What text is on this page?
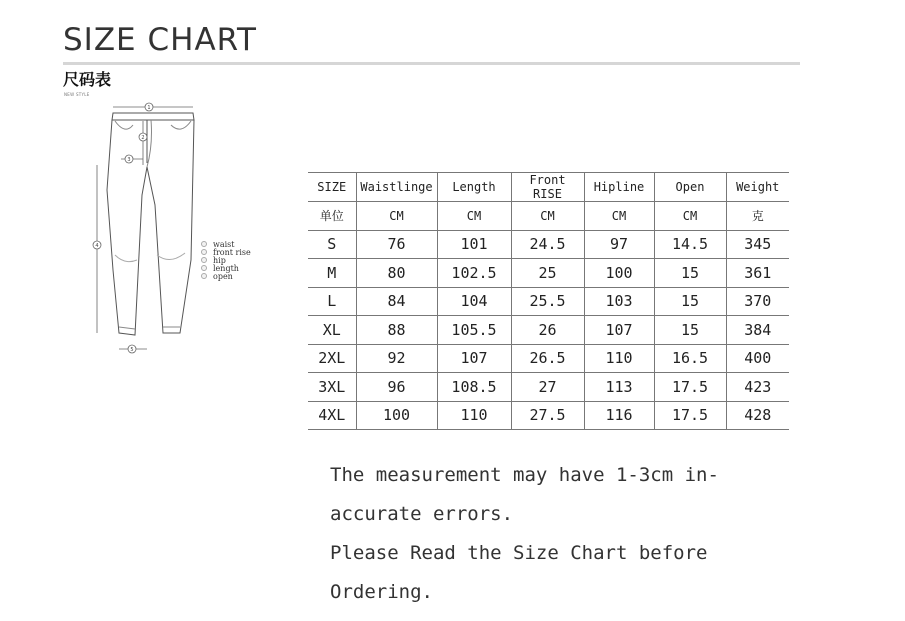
SIZE CHART
尺码表
NEW STYLE
1
2
3
4
5
waist
front rise
hip
length
open
SIZE	Waistlinge	Length	Front RISE	Hipline	Open	Weight
单位	CM	CM	CM	CM	CM	克
S	76	101	24.5	97	14.5	345
M	80	102.5	25	100	15	361
L	84	104	25.5	103	15	370
XL	88	105.5	26	107	15	384
2XL	92	107	26.5	110	16.5	400
3XL	96	108.5	27	113	17.5	423
4XL	100	110	27.5	116	17.5	428
The measurement may have 1-3cm in-
accurate errors.
Please Read the Size Chart before
Ordering.
